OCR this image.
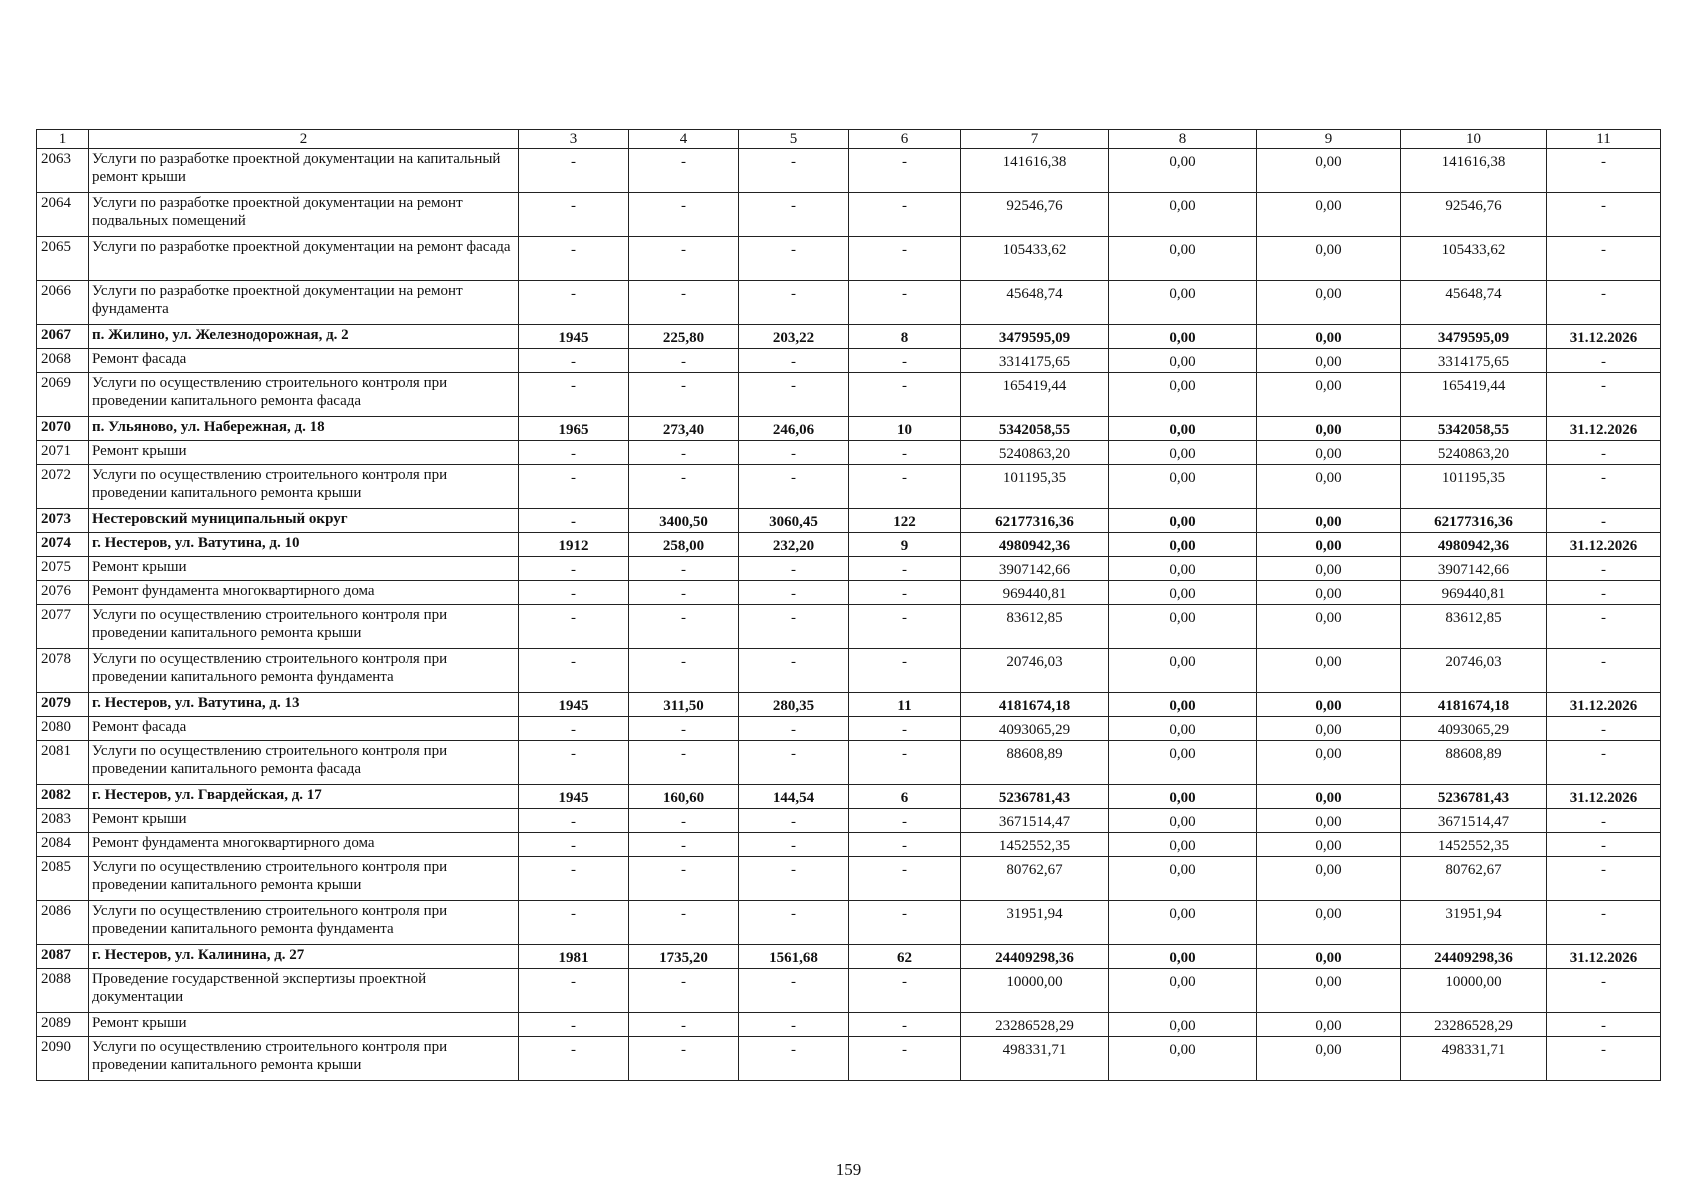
1	2	3	4	5	6	7	8	9	10	11
2063	Услуги по разработке проектной документации на капитальный ремонт крыши	-	-	-	-	141616,38	0,00	0,00	141616,38	-
2064	Услуги по разработке проектной документации на ремонт подвальных помещений	-	-	-	-	92546,76	0,00	0,00	92546,76	-
2065	Услуги по разработке проектной документации на ремонт фасада	-	-	-	-	105433,62	0,00	0,00	105433,62	-
2066	Услуги по разработке проектной документации на ремонт фундамента	-	-	-	-	45648,74	0,00	0,00	45648,74	-
2067	п. Жилино, ул. Железнодорожная, д. 2	1945	225,80	203,22	8	3479595,09	0,00	0,00	3479595,09	31.12.2026
2068	Ремонт фасада	-	-	-	-	3314175,65	0,00	0,00	3314175,65	-
2069	Услуги по осуществлению строительного контроля при проведении капитального ремонта фасада	-	-	-	-	165419,44	0,00	0,00	165419,44	-
2070	п. Ульяново, ул. Набережная, д. 18	1965	273,40	246,06	10	5342058,55	0,00	0,00	5342058,55	31.12.2026
2071	Ремонт крыши	-	-	-	-	5240863,20	0,00	0,00	5240863,20	-
2072	Услуги по осуществлению строительного контроля при проведении капитального ремонта крыши	-	-	-	-	101195,35	0,00	0,00	101195,35	-
2073	Нестеровский муниципальный округ	-	3400,50	3060,45	122	62177316,36	0,00	0,00	62177316,36	-
2074	г. Нестеров, ул. Ватутина, д. 10	1912	258,00	232,20	9	4980942,36	0,00	0,00	4980942,36	31.12.2026
2075	Ремонт крыши	-	-	-	-	3907142,66	0,00	0,00	3907142,66	-
2076	Ремонт фундамента многоквартирного дома	-	-	-	-	969440,81	0,00	0,00	969440,81	-
2077	Услуги по осуществлению строительного контроля при проведении капитального ремонта крыши	-	-	-	-	83612,85	0,00	0,00	83612,85	-
2078	Услуги по осуществлению строительного контроля при проведении капитального ремонта фундамента	-	-	-	-	20746,03	0,00	0,00	20746,03	-
2079	г. Нестеров, ул. Ватутина, д. 13	1945	311,50	280,35	11	4181674,18	0,00	0,00	4181674,18	31.12.2026
2080	Ремонт фасада	-	-	-	-	4093065,29	0,00	0,00	4093065,29	-
2081	Услуги по осуществлению строительного контроля при проведении капитального ремонта фасада	-	-	-	-	88608,89	0,00	0,00	88608,89	-
2082	г. Нестеров, ул. Гвардейская, д. 17	1945	160,60	144,54	6	5236781,43	0,00	0,00	5236781,43	31.12.2026
2083	Ремонт крыши	-	-	-	-	3671514,47	0,00	0,00	3671514,47	-
2084	Ремонт фундамента многоквартирного дома	-	-	-	-	1452552,35	0,00	0,00	1452552,35	-
2085	Услуги по осуществлению строительного контроля при проведении капитального ремонта крыши	-	-	-	-	80762,67	0,00	0,00	80762,67	-
2086	Услуги по осуществлению строительного контроля при проведении капитального ремонта фундамента	-	-	-	-	31951,94	0,00	0,00	31951,94	-
2087	г. Нестеров, ул. Калинина, д. 27	1981	1735,20	1561,68	62	24409298,36	0,00	0,00	24409298,36	31.12.2026
2088	Проведение государственной экспертизы проектной документации	-	-	-	-	10000,00	0,00	0,00	10000,00	-
2089	Ремонт крыши	-	-	-	-	23286528,29	0,00	0,00	23286528,29	-
2090	Услуги по осуществлению строительного контроля при проведении капитального ремонта крыши	-	-	-	-	498331,71	0,00	0,00	498331,71	-
159
